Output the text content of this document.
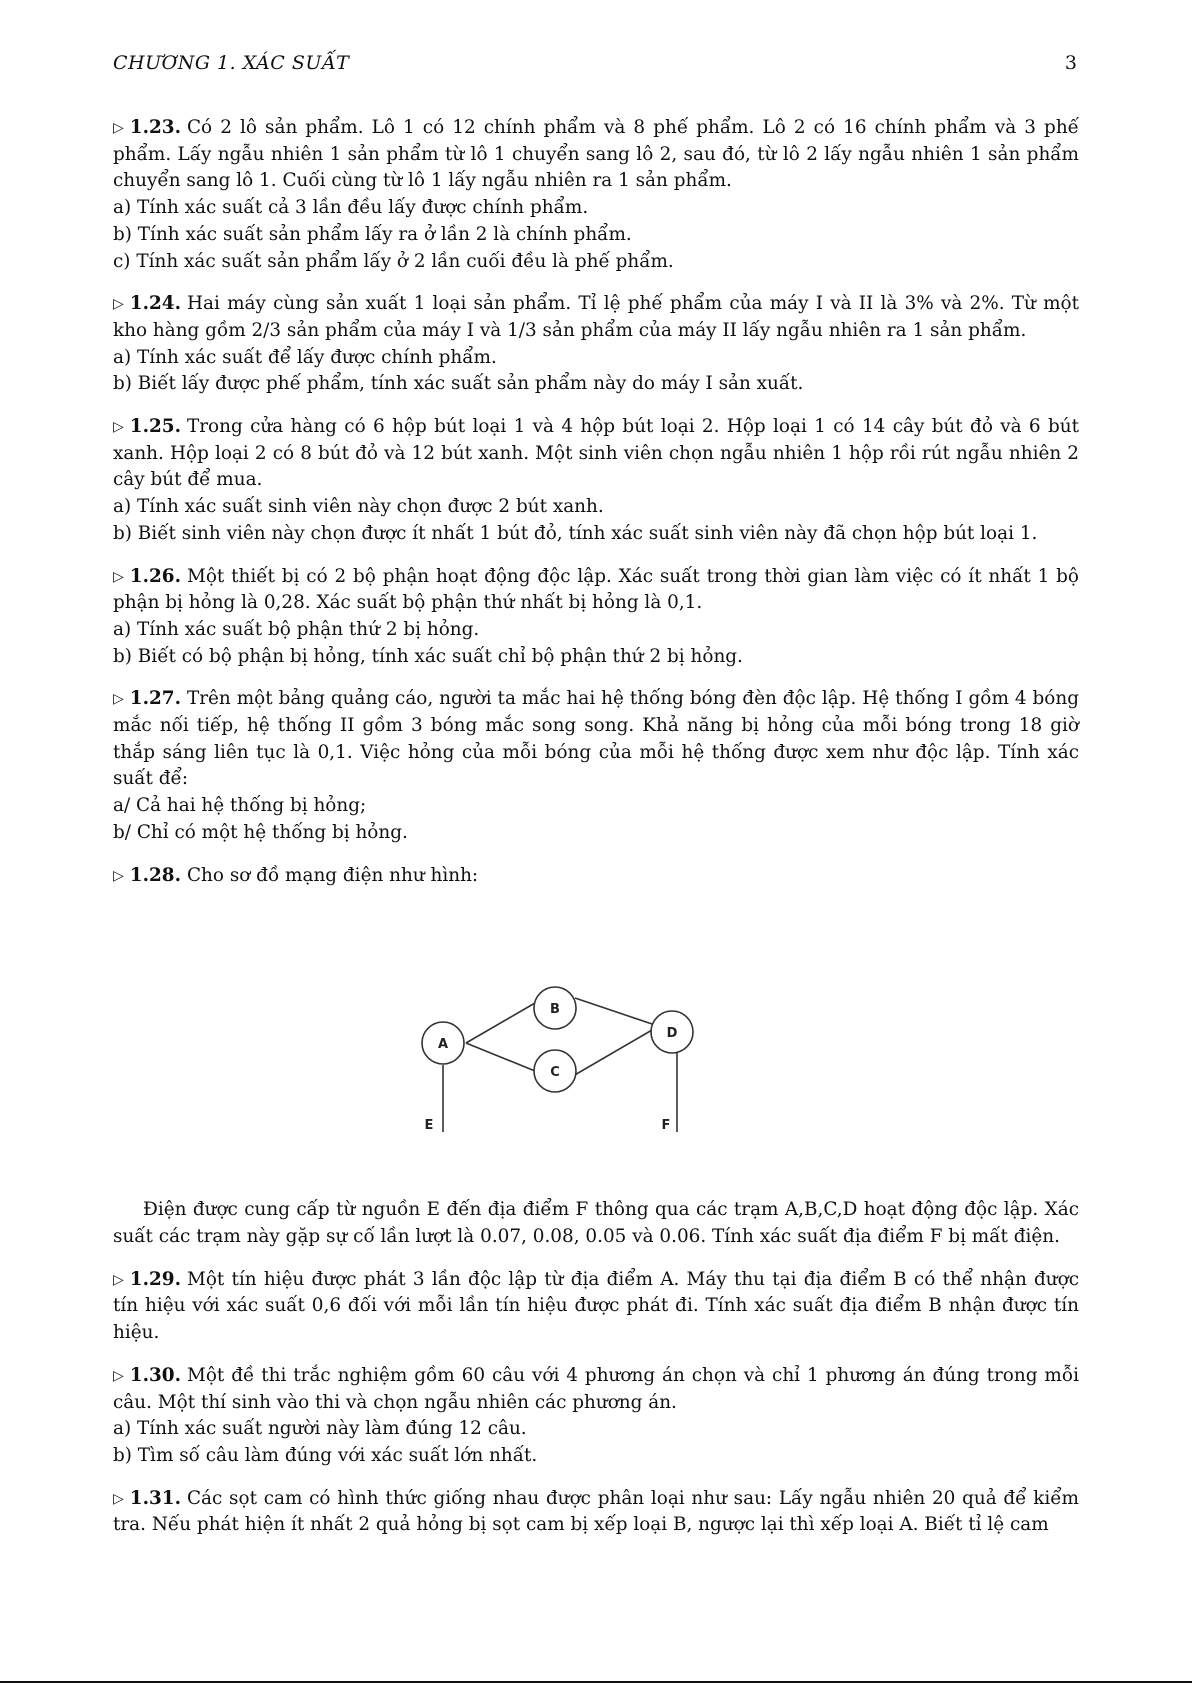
CHƯƠNG 1. XÁC SUẤT	3

▷ 1.23. Có 2 lô sản phẩm. Lô 1 có 12 chính phẩm và 8 phế phẩm. Lô 2 có 16 chính phẩm và 3 phế phẩm. Lấy ngẫu nhiên 1 sản phẩm từ lô 1 chuyển sang lô 2, sau đó, từ lô 2 lấy ngẫu nhiên 1 sản phẩm chuyển sang lô 1. Cuối cùng từ lô 1 lấy ngẫu nhiên ra 1 sản phẩm.

a) Tính xác suất cả 3 lần đều lấy được chính phẩm.

b) Tính xác suất sản phẩm lấy ra ở lần 2 là chính phẩm.

c) Tính xác suất sản phẩm lấy ở 2 lần cuối đều là phế phẩm.

▷ 1.24. Hai máy cùng sản xuất 1 loại sản phẩm. Tỉ lệ phế phẩm của máy I và II là 3% và 2%. Từ một kho hàng gồm 2/3 sản phẩm của máy I và 1/3 sản phẩm của máy II lấy ngẫu nhiên ra 1 sản phẩm.

a) Tính xác suất để lấy được chính phẩm.

b) Biết lấy được phế phẩm, tính xác suất sản phẩm này do máy I sản xuất.

▷ 1.25. Trong cửa hàng có 6 hộp bút loại 1 và 4 hộp bút loại 2. Hộp loại 1 có 14 cây bút đỏ và 6 bút xanh. Hộp loại 2 có 8 bút đỏ và 12 bút xanh. Một sinh viên chọn ngẫu nhiên 1 hộp rồi rút ngẫu nhiên 2 cây bút để mua.

a) Tính xác suất sinh viên này chọn được 2 bút xanh.

b) Biết sinh viên này chọn được ít nhất 1 bút đỏ, tính xác suất sinh viên này đã chọn hộp bút loại 1.

▷ 1.26. Một thiết bị có 2 bộ phận hoạt động độc lập. Xác suất trong thời gian làm việc có ít nhất 1 bộ phận bị hỏng là 0,28. Xác suất bộ phận thứ nhất bị hỏng là 0,1.

a) Tính xác suất bộ phận thứ 2 bị hỏng.

b) Biết có bộ phận bị hỏng, tính xác suất chỉ bộ phận thứ 2 bị hỏng.

▷ 1.27. Trên một bảng quảng cáo, người ta mắc hai hệ thống bóng đèn độc lập. Hệ thống I gồm 4 bóng mắc nối tiếp, hệ thống II gồm 3 bóng mắc song song. Khả năng bị hỏng của mỗi bóng trong 18 giờ thắp sáng liên tục là 0,1. Việc hỏng của mỗi bóng của mỗi hệ thống được xem như độc lập. Tính xác suất để:

a/ Cả hai hệ thống bị hỏng;

b/ Chỉ có một hệ thống bị hỏng.

▷ 1.28. Cho sơ đồ mạng điện như hình:

A
B
C
D
E	F

Điện được cung cấp từ nguồn E đến địa điểm F thông qua các trạm A,B,C,D hoạt động độc lập. Xác suất các trạm này gặp sự cố lần lượt là 0.07, 0.08, 0.05 và 0.06. Tính xác suất địa điểm F bị mất điện.

▷ 1.29. Một tín hiệu được phát 3 lần độc lập từ địa điểm A. Máy thu tại địa điểm B có thể nhận được tín hiệu với xác suất 0,6 đối với mỗi lần tín hiệu được phát đi. Tính xác suất địa điểm B nhận được tín hiệu.

▷ 1.30. Một đề thi trắc nghiệm gồm 60 câu với 4 phương án chọn và chỉ 1 phương án đúng trong mỗi câu. Một thí sinh vào thi và chọn ngẫu nhiên các phương án.

a) Tính xác suất người này làm đúng 12 câu.

b) Tìm số câu làm đúng với xác suất lớn nhất.

▷ 1.31. Các sọt cam có hình thức giống nhau được phân loại như sau: Lấy ngẫu nhiên 20 quả để kiểm tra. Nếu phát hiện ít nhất 2 quả hỏng bị sọt cam bị xếp loại B, ngược lại thì xếp loại A. Biết tỉ lệ cam
